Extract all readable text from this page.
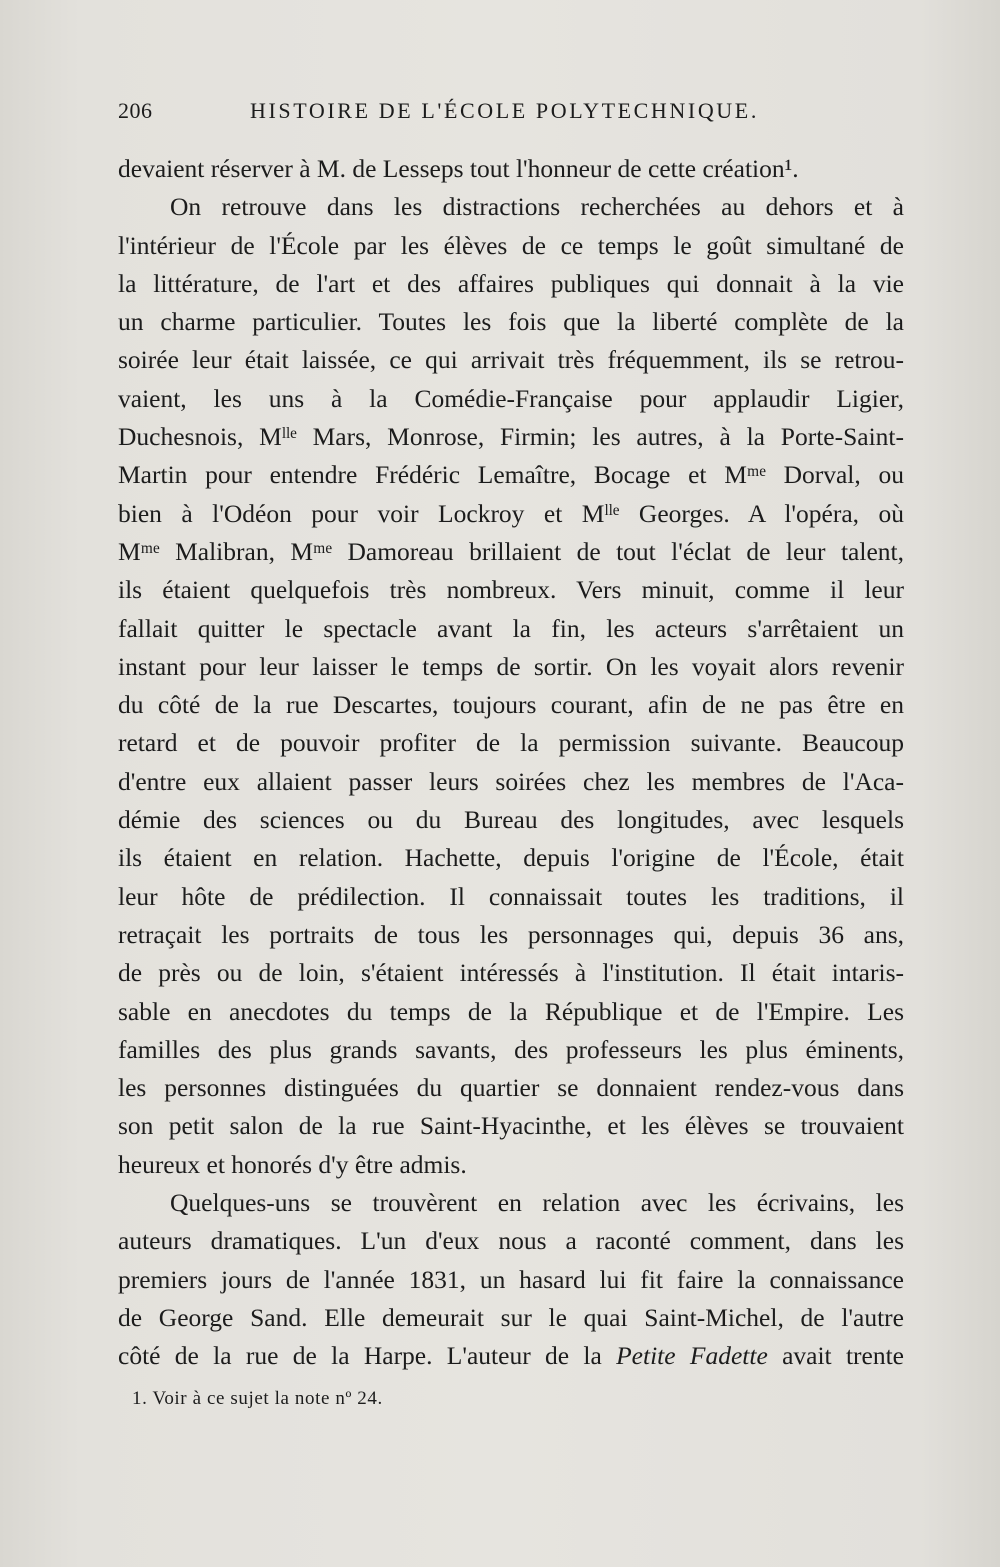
206	HISTOIRE DE L'ÉCOLE POLYTECHNIQUE.
devaient réserver à M. de Lesseps tout l'honneur de cette création¹.
On retrouve dans les distractions recherchées au dehors et à
l'intérieur de l'École par les élèves de ce temps le goût simultané de
la littérature, de l'art et des affaires publiques qui donnait à la vie
un charme particulier. Toutes les fois que la liberté complète de la
soirée leur était laissée, ce qui arrivait très fréquemment, ils se retrou-
vaient, les uns à la Comédie-Française pour applaudir Ligier,
Duchesnois, Mˡˡᵉ Mars, Monrose, Firmin; les autres, à la Porte-Saint-
Martin pour entendre Frédéric Lemaître, Bocage et Mᵐᵉ Dorval, ou
bien à l'Odéon pour voir Lockroy et Mˡˡᵉ Georges. A l'opéra, où
Mᵐᵉ Malibran, Mᵐᵉ Damoreau brillaient de tout l'éclat de leur talent,
ils étaient quelquefois très nombreux. Vers minuit, comme il leur
fallait quitter le spectacle avant la fin, les acteurs s'arrêtaient un
instant pour leur laisser le temps de sortir. On les voyait alors revenir
du côté de la rue Descartes, toujours courant, afin de ne pas être en
retard et de pouvoir profiter de la permission suivante. Beaucoup
d'entre eux allaient passer leurs soirées chez les membres de l'Aca-
démie des sciences ou du Bureau des longitudes, avec lesquels
ils étaient en relation. Hachette, depuis l'origine de l'École, était
leur hôte de prédilection. Il connaissait toutes les traditions, il
retraçait les portraits de tous les personnages qui, depuis 36 ans,
de près ou de loin, s'étaient intéressés à l'institution. Il était intaris-
sable en anecdotes du temps de la République et de l'Empire. Les
familles des plus grands savants, des professeurs les plus éminents,
les personnes distinguées du quartier se donnaient rendez-vous dans
son petit salon de la rue Saint-Hyacinthe, et les élèves se trouvaient
heureux et honorés d'y être admis.
Quelques-uns se trouvèrent en relation avec les écrivains, les
auteurs dramatiques. L'un d'eux nous a raconté comment, dans les
premiers jours de l'année 1831, un hasard lui fit faire la connaissance
de George Sand. Elle demeurait sur le quai Saint-Michel, de l'autre
côté de la rue de la Harpe. L'auteur de la Petite Fadette avait trente
1. Voir à ce sujet la note nº 24.
